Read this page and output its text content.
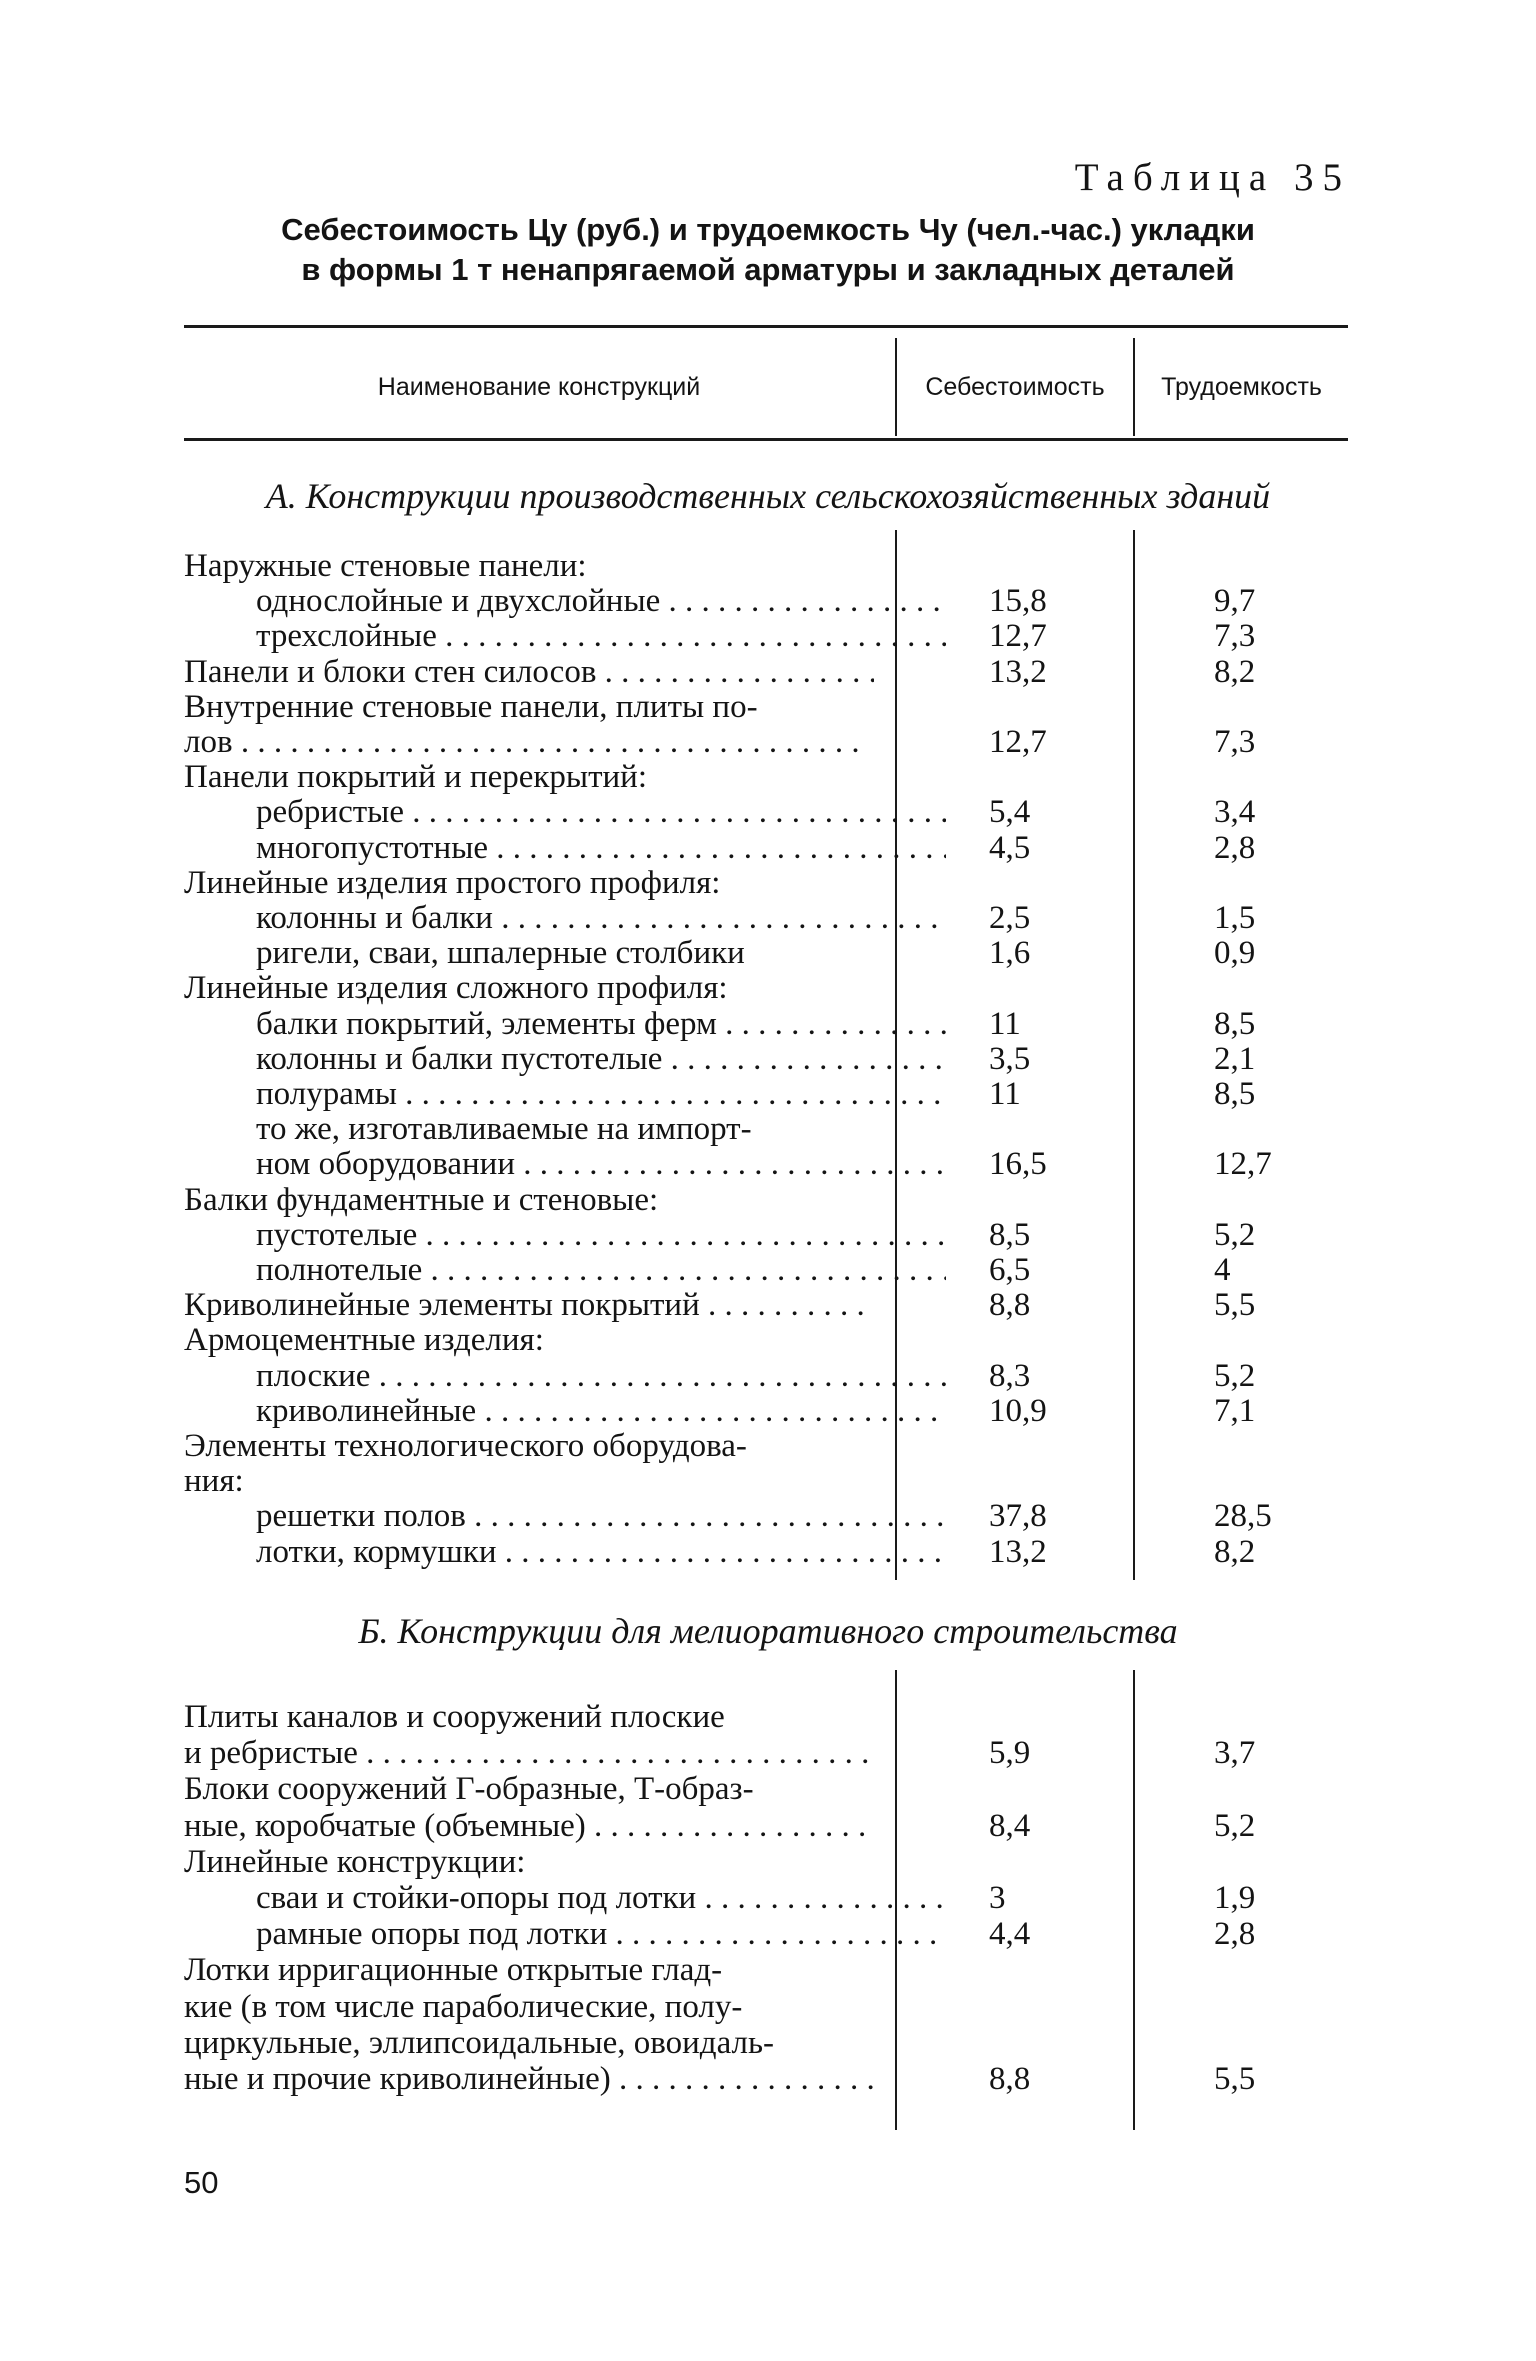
Таблица 35
Себестоимость Цу (руб.) и трудоемкость Чу (чел.-час.) укладки
в формы 1 т ненапрягаемой арматуры и закладных деталей
Наименование конструкций	Себестоимость	Трудоемкость
А. Конструкции производственных сельскохозяйственных зданий
Наружные стеновые панели:
однослойные и двухслойные . . .	15,8	9,7
трехслойные . . .	12,7	7,3
Панели и блоки стен силосов . . .	13,2	8,2
Внутренние стеновые панели, плиты по-
лов . . .	12,7	7,3
Панели покрытий и перекрытий:
ребристые . . .	5,4	3,4
многопустотные . . .	4,5	2,8
Линейные изделия простого профиля:
колонны и балки . . .	2,5	1,5
ригели, сваи, шпалерные столбики	1,6	0,9
Линейные изделия сложного профиля:
балки покрытий, элементы ферм . . .	11	8,5
колонны и балки пустотелые . . .	3,5	2,1
полурамы . . .	11	8,5
то же, изготавливаемые на импорт-
ном оборудовании . . .	16,5	12,7
Балки фундаментные и стеновые:
пустотелые . . .	8,5	5,2
полнотелые . . .	6,5	4
Криволинейные элементы покрытий . . .	8,8	5,5
Армоцементные изделия:
плоские . . .	8,3	5,2
криволинейные . . .	10,9	7,1
Элементы технологического оборудова-
ния:
решетки полов . . .	37,8	28,5
лотки, кормушки . . .	13,2	8,2
Б. Конструкции для мелиоративного строительства
Плиты каналов и сооружений плоские
и ребристые . . .	5,9	3,7
Блоки сооружений Г-образные, Т-образ-
ные, коробчатые (объемные) . . .	8,4	5,2
Линейные конструкции:
сваи и стойки-опоры под лотки . . .	3	1,9
рамные опоры под лотки . . .	4,4	2,8
Лотки ирригационные открытые глад-
кие (в том числе параболические, полу-
циркульные, эллипсоидальные, овоидаль-
ные и прочие криволинейные) . . .	8,8	5,5
50
